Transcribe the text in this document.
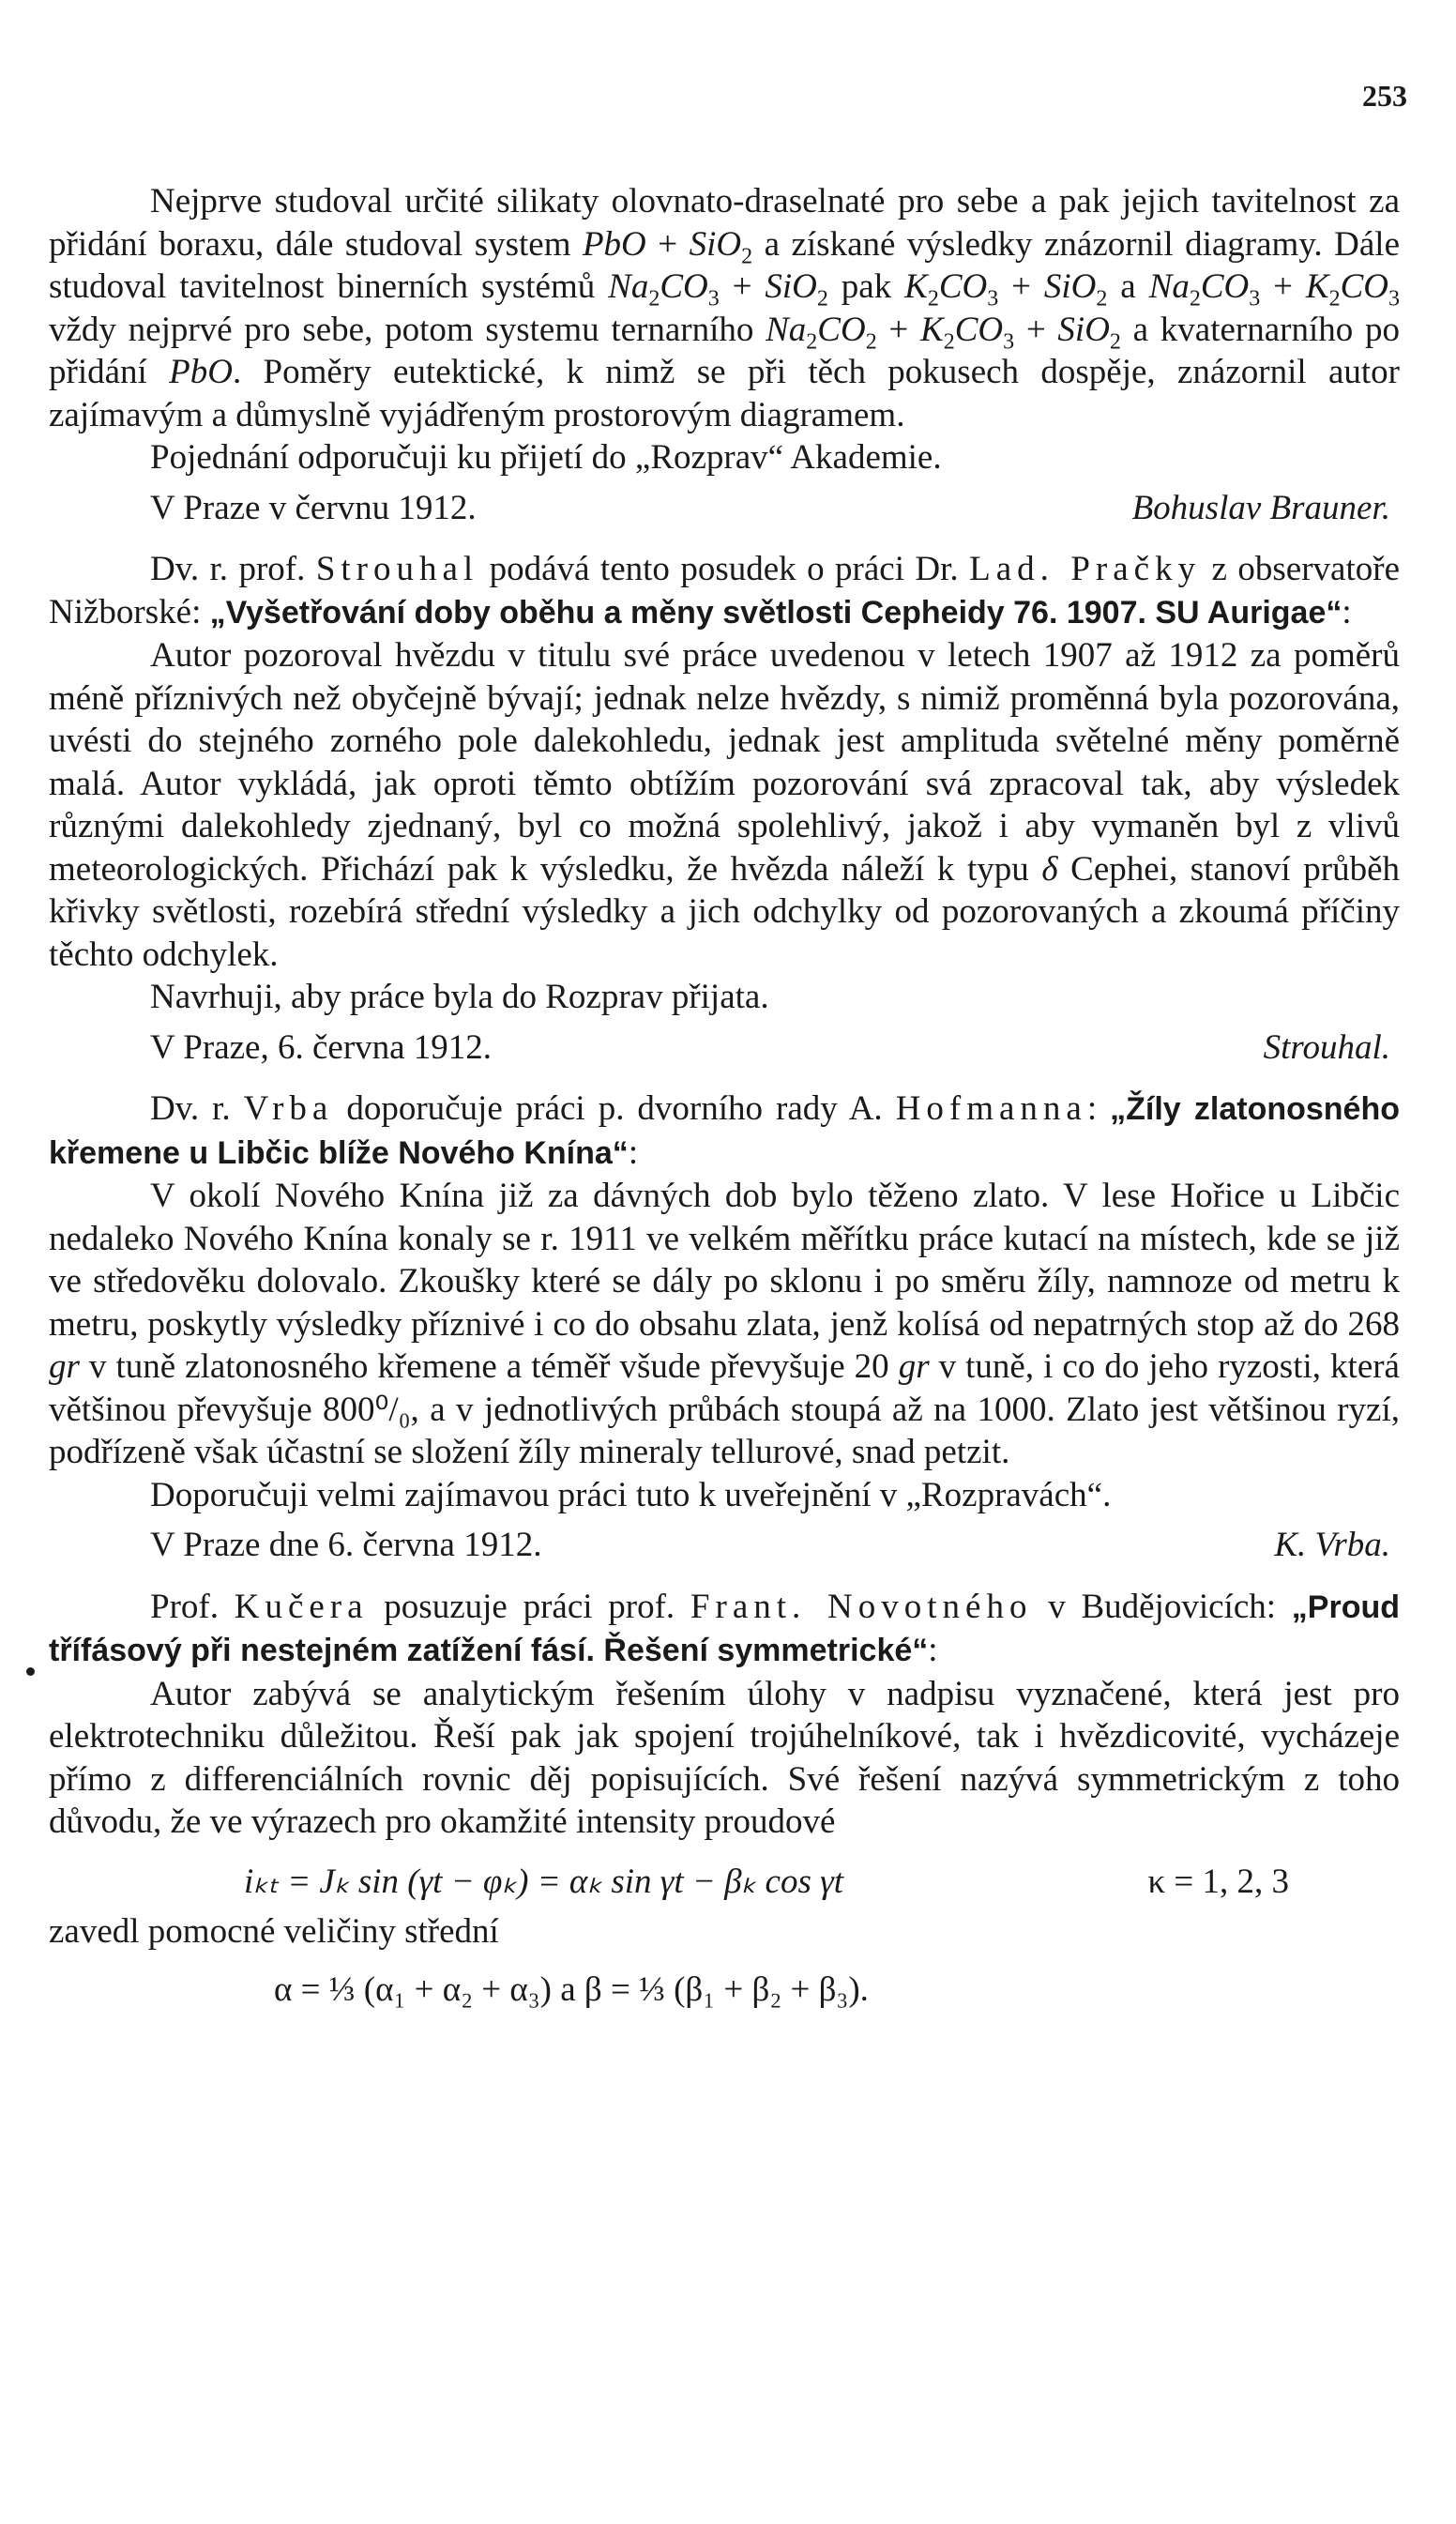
253

Nejprve studoval určité silikaty olovnato-draselnaté pro sebe a pak jejich tavitelnost za přidání boraxu, dále studoval system PbO + SiO$_2$ a získané výsledky znázornil diagramy. Dále studoval tavitelnost binerních systémů $Na_2CO_3 + SiO_2$ pak $K_2CO_3 + SiO_2$ a $Na_2CO_3 + K_2CO_3$ vždy nejprvé pro sebe, potom systemu ternarního $Na_2CO_2 + K_2CO_3 + SiO_2$ a kvaternarního po přidání PbO. Poměry eutektické, k nimž se při těch pokusech dospěje, znázornil autor zajímavým a důmyslně vyjádřeným prostorovým diagramem.

Pojednání odporučuji ku přijetí do „Rozprav“ Akademie.

V Praze v červnu 1912.	Bohuslav Brauner.

Dv. r. prof. Strouhal podává tento posudek o práci Dr. Lad. Pračky z observatoře Nižborské: „Vyšetřování doby oběhu a měny světlosti Cepheidy 76. 1907. SU Aurigae“:

Autor pozoroval hvězdu v titulu své práce uvedenou v letech 1907 až 1912 za poměrů méně příznivých než obyčejně bývají; jednak nelze hvězdy, s nimiž proměnná byla pozorována, uvésti do stejného zorného pole dalekohledu, jednak jest amplituda světelné měny poměrně malá. Autor vykládá, jak oproti těmto obtížím pozorování svá zpracoval tak, aby výsledek různými dalekohledy zjednaný, byl co možná spolehlivý, jakož i aby vymaněn byl z vlivů meteorologických. Přichází pak k výsledku, že hvězda náleží k typu δ Cephei, stanoví průběh křivky světlosti, rozebírá střední výsledky a jich odchylky od pozorovaných a zkoumá příčiny těchto odchylek.

Navrhuji, aby práce byla do Rozprav přijata.

V Praze, 6. června 1912.	Strouhal.

Dv. r. Vrba doporučuje práci p. dvorního rady A. Hofmanna: „Žíly zlatonosného křemene u Libčic blíže Nového Knína“:

V okolí Nového Knína již za dávných dob bylo těženo zlato. V lese Hořice u Libčic nedaleko Nového Knína konaly se r. 1911 ve velkém měřítku práce kutací na místech, kde se již ve středověku dolovalo. Zkoušky které se dály po sklonu i po směru žíly, namnoze od metru k metru, poskytly výsledky příznivé i co do obsahu zlata, jenž kolísá od nepatrných stop až do 268 gr v tuně zlatonosného křemene a téměř všude převyšuje 20 gr v tuně, i co do jeho ryzosti, která většinou převyšuje 800⁰/₀, a v jednotlivých průbách stoupá až na 1000. Zlato jest většinou ryzí, podřízeně však účastní se složení žíly mineraly tellurové, snad petzit.

Doporučuji velmi zajímavou práci tuto k uveřejnění v „Rozpravách“.

V Praze dne 6. června 1912.	K. Vrba.

Prof. Kučera posuzuje práci prof. Frant. Novotného v Budějovicích: „Proud třífásový při nestejném zatížení fásí. Řešení symmetrické“:

Autor zabývá se analytickým řešením úlohy v nadpisu vyznačené, která jest pro elektrotechniku důležitou. Řeší pak jak spojení trojúhelníkové, tak i hvězdicovité, vycházeje přímo z differenciálních rovnic děj popisujících. Své řešení nazývá symmetrickým z toho důvodu, že ve výrazech pro okamžité intensity proudové

iₖₜ = Jₖ sin (γt − φₖ) = αₖ sin γt − βₖ cos γt	κ = 1, 2, 3

zavedl pomocné veličiny střední

α = ⅓ (α₁ + α₂ + α₃) a β = ⅓ (β₁ + β₂ + β₃).
